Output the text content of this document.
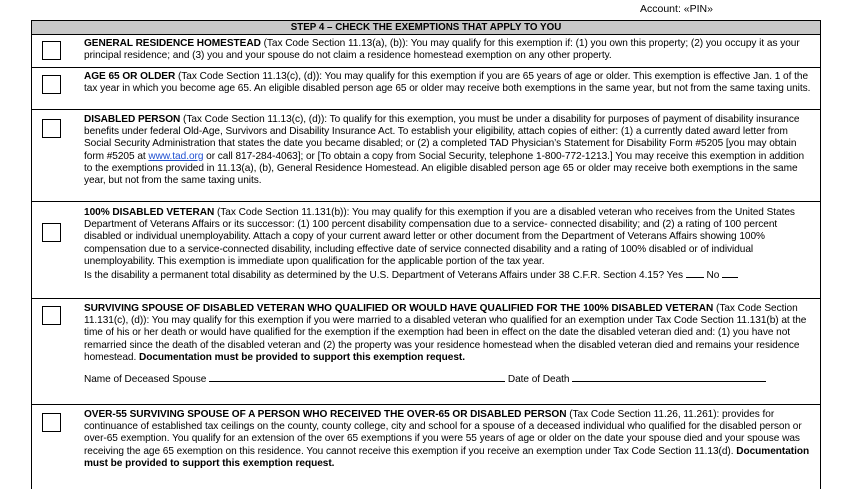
Account: «PIN»
STEP 4 – CHECK THE EXEMPTIONS THAT APPLY TO YOU
GENERAL RESIDENCE HOMESTEAD (Tax Code Section 11.13(a), (b)): You may qualify for this exemption if: (1) you own this property; (2) you occupy it as your principal residence; and (3) you and your spouse do not claim a residence homestead exemption on any other property.
AGE 65 OR OLDER (Tax Code Section 11.13(c), (d)): You may qualify for this exemption if you are 65 years of age or older. This exemption is effective Jan. 1 of the tax year in which you become age 65. An eligible disabled person age 65 or older may receive both exemptions in the same year, but not from the same taxing units.
DISABLED PERSON (Tax Code Section 11.13(c), (d)): To qualify for this exemption, you must be under a disability for purposes of payment of disability insurance benefits under federal Old-Age, Survivors and Disability Insurance Act. To establish your eligibility, attach copies of either: (1) a currently dated award letter from Social Security Administration that states the date you became disabled; or (2) a completed TAD Physician’s Statement for Disability Form #5205 [you may obtain form #5205 at www.tad.org or call 817-284-4063]; or [To obtain a copy from Social Security, telephone 1-800-772-1213.] You may receive this exemption in addition to the exemptions provided in 11.13(a), (b), General Residence Homestead. An eligible disabled person age 65 or older may receive both exemptions in the same year, but not from the same taxing units.
100% DISABLED VETERAN (Tax Code Section 11.131(b)): You may qualify for this exemption if you are a disabled veteran who receives from the United States Department of Veterans Affairs or its successor: (1) 100 percent disability compensation due to a service- connected disability; and (2) a rating of 100 percent disabled or individual unemployability. Attach a copy of your current award letter or other document from the Department of Veterans Affairs showing 100% compensation due to a service-connected disability, including effective date of service connected disability and a rating of 100% disabled or of individual unemployability. This exemption is immediate upon qualification for the applicable portion of the tax year.
Is the disability a permanent total disability as determined by the U.S. Department of Veterans Affairs under 38 C.F.R. Section 4.15? Yes No
SURVIVING SPOUSE OF DISABLED VETERAN WHO QUALIFIED OR WOULD HAVE QUALIFIED FOR THE 100% DISABLED VETERAN (Tax Code Section 11.131(c), (d)): You may qualify for this exemption if you were married to a disabled veteran who qualified for an exemption under Tax Code Section 11.131(b) at the time of his or her death or would have qualified for the exemption if the exemption had been in effect on the date the disabled veteran died and: (1) you have not remarried since the death of the disabled veteran and (2) the property was your residence homestead when the disabled veteran died and remains your residence homestead. Documentation must be provided to support this exemption request.
Name of Deceased Spouse	Date of Death
OVER-55 SURVIVING SPOUSE OF A PERSON WHO RECEIVED THE OVER-65 OR DISABLED PERSON (Tax Code Section 11.26, 11.261): provides for continuance of established tax ceilings on the county, county college, city and school for a spouse of a deceased individual who qualified for the disabled person or over-65 exemption. You qualify for an extension of the over 65 exemptions if you were 55 years of age or older on the date your spouse died and your spouse was receiving the age 65 exemption on this residence. You cannot receive this exemption if you receive an exemption under Tax Code Section 11.13(d). Documentation must be provided to support this exemption request.
